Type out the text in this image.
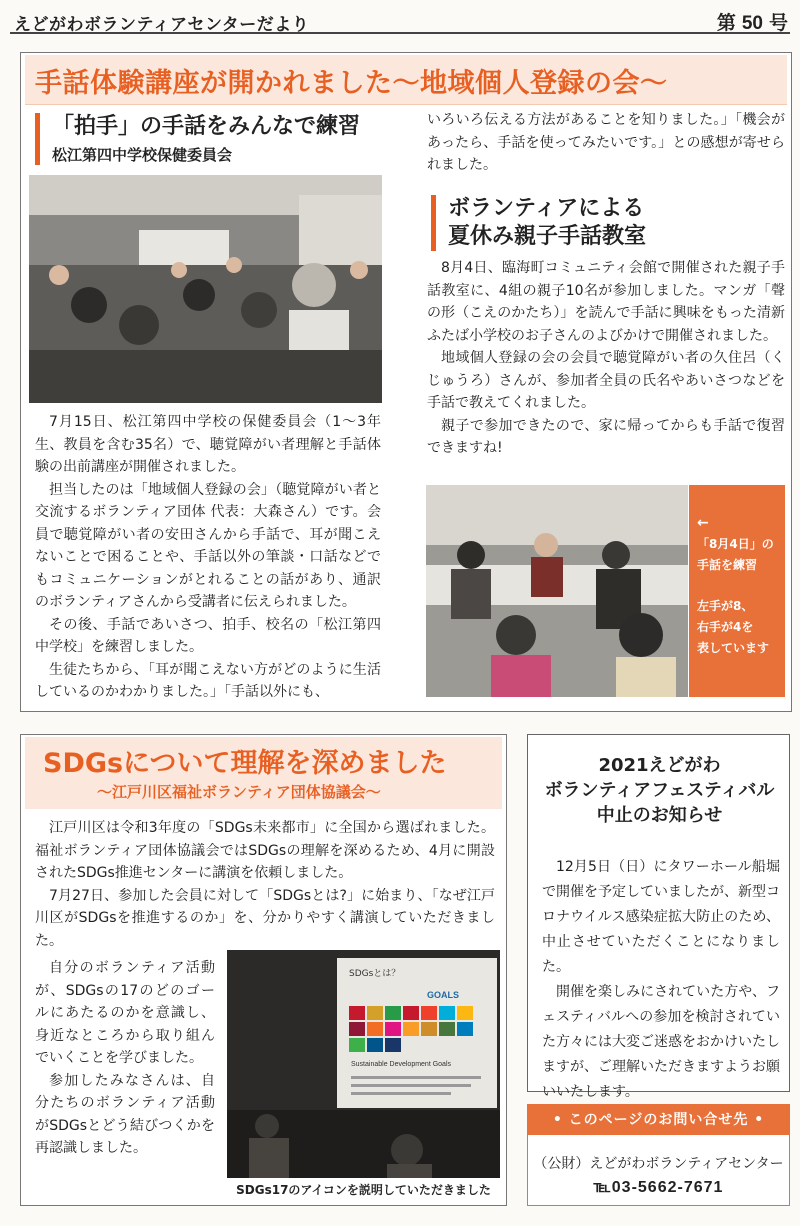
えどがわボランティアセンターだより	第 50 号
手話体験講座が開かれました〜地域個人登録の会〜
「拍手」の手話をみんなで練習
松江第四中学校保健委員会

7月15日、松江第四中学校の保健委員会（1〜3年生、教員を含む35名）で、聴覚障がい者理解と手話体験の出前講座が開催されました。

担当したのは「地域個人登録の会」（聴覚障がい者と交流するボランティア団体 代表：大森さん）です。会員で聴覚障がい者の安田さんから手話で、耳が聞こえないことで困ることや、手話以外の筆談・口話などでもコミュニケーションがとれることの話があり、通訳のボランティアさんから受講者に伝えられました。

その後、手話であいさつ、拍手、校名の「松江第四中学校」を練習しました。

生徒たちから、「耳が聞こえない方がどのように生活しているのかわかりました。」「手話以外にも、

いろいろ伝える方法があることを知りました。」「機会があったら、手話を使ってみたいです。」との感想が寄せられました。

ボランティアによる
夏休み親子手話教室

8月4日、臨海町コミュニティ会館で開催された親子手話教室に、4組の親子10名が参加しました。マンガ「聲の形（こえのかたち）」を読んで手話に興味をもった清新ふたば小学校のお子さんのよびかけで開催されました。

地域個人登録の会の会員で聴覚障がい者の久住呂（くじゅうろ）さんが、参加者全員の氏名やあいさつなどを手話で教えてくれました。

親子で参加できたので、家に帰ってからも手話で復習できますね!

←
「8月4日」の
手話を練習
左手が8、
右手が4を
表しています
SDGsについて理解を深めました
〜江戸川区福祉ボランティア団体協議会〜

江戸川区は令和3年度の「SDGs未来都市」に全国から選ばれました。福祉ボランティア団体協議会ではSDGsの理解を深めるため、4月に開設されたSDGs推進センターに講演を依頼しました。

7月27日、参加した会員に対して「SDGsとは?」に始まり、「なぜ江戸川区がSDGsを推進するのか」を、分かりやすく講演していただきました。

自分のボランティア活動が、SDGsの17のどのゴールにあたるのかを意識し、身近なところから取り組んでいくことを学びました。

参加したみなさんは、自分たちのボランティア活動がSDGsとどう結びつくかを再認識しました。

SDGsとは？
GOALS
Sustainable Development Goals
SDGs17のアイコンを説明していただきました
2021えどがわ
ボランティアフェスティバル
中止のお知らせ

12月5日（日）にタワーホール船堀で開催を予定していましたが、新型コロナウイルス感染症拡大防止のため、中止させていただくことになりました。

開催を楽しみにされていた方や、フェスティバルへの参加を検討されていた方々には大変ご迷惑をおかけいたしますが、ご理解いただきますようお願いいたします。

• このページのお問い合せ先 •
（公財）えどがわボランティアセンター
℡03-5662-7671
